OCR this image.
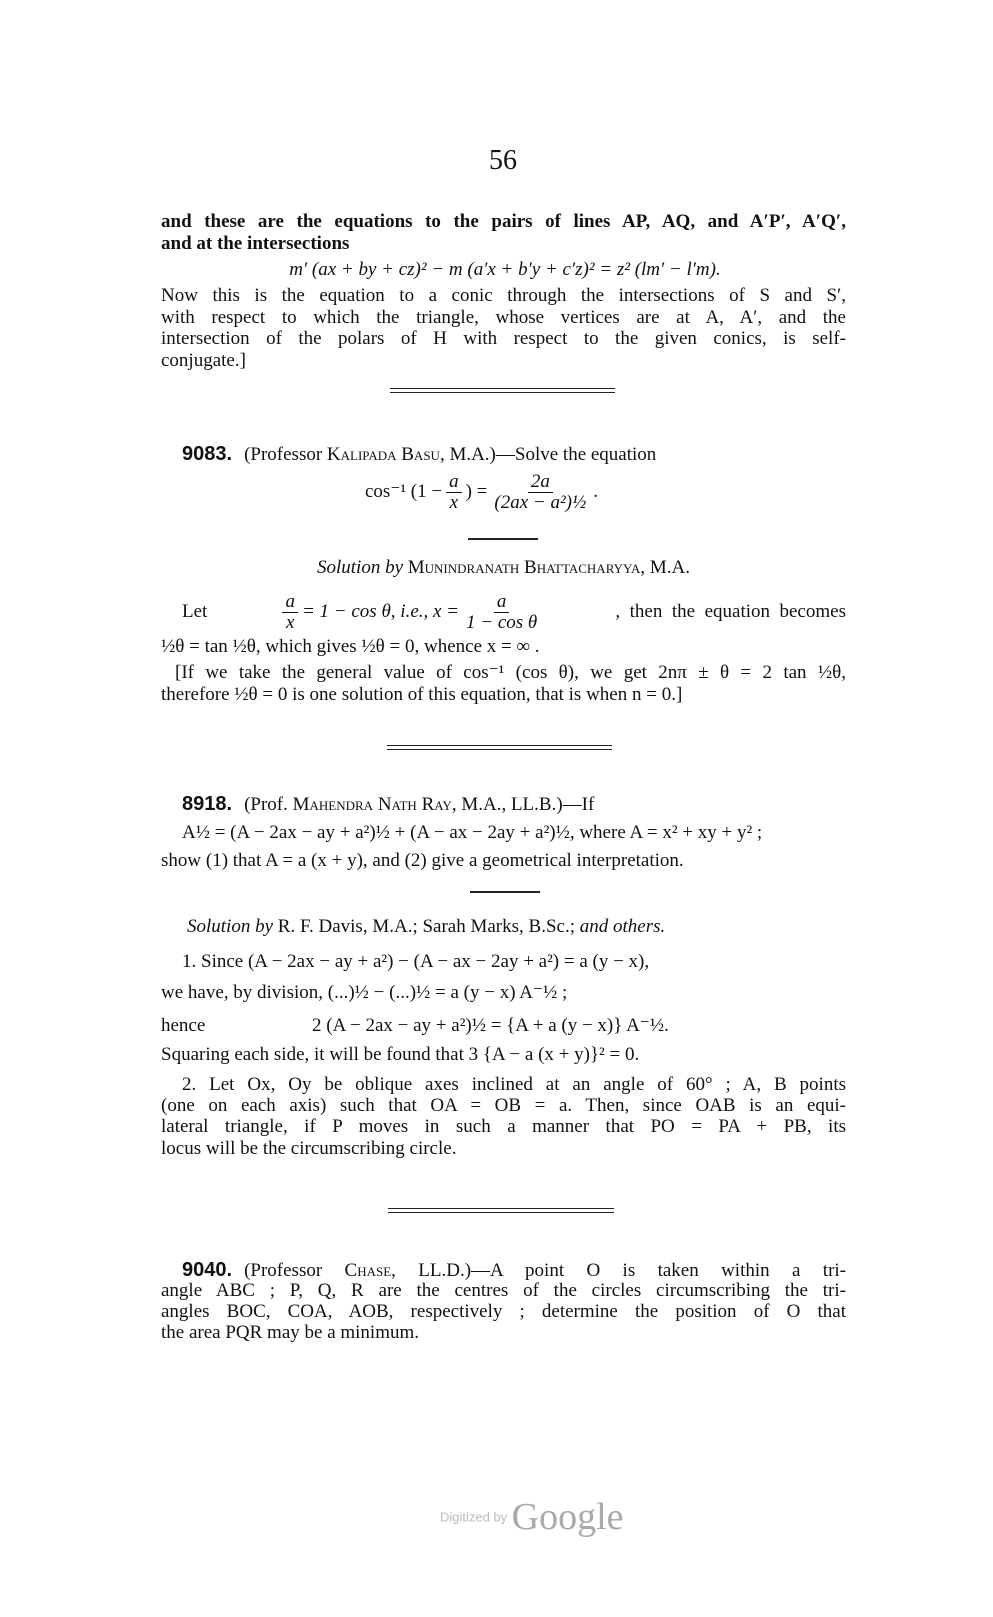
56
and these are the equations to the pairs of lines AP, AQ, and A′P′, A′Q′,
and at the intersections
m′ (ax + by + cz)² − m (a′x + b′y + c′z)² = z² (lm′ − l′m).
Now this is the equation to a conic through the intersections of S and S′,
with respect to which the triangle, whose vertices are at A, A′, and the
intersection of the polars of H with respect to the given conics, is self-
conjugate.]
9083. (Professor Kalipada Basu, M.A.)—Solve the equation
cos⁻¹ ($1 - \frac{a}{x}$ ) = $\frac{2a}{\text{(2ax − a²)½}}$ .
Solution by Munindranath Bhattacharyya, M.A.
Let	$\frac{a}{x} = 1 - \cos \theta$, i.e., $x = \frac{a}{\text{1 − cos θ}}$	,  then  the  equation  becomes
½θ = tan ½θ, which gives ½θ = 0, whence x = ∞ .
[If we take the general value of cos⁻¹ (cos θ), we get 2nπ ± θ = 2 tan ½θ,
therefore ½θ = 0 is one solution of this equation, that is when n = 0.]
8918. (Prof. Mahendra Nath Ray, M.A., LL.B.)—If
A½ = (A − 2ax − ay + a²)½ + (A − ax − 2ay + a²)½, where A = x² + xy + y² ;
show (1) that A = a (x + y), and (2) give a geometrical interpretation.
Solution by R. F. Davis, M.A.; Sarah Marks, B.Sc.; and others.
1. Since (A − 2ax − ay + a²) − (A − ax − 2ay + a²) = a (y − x),
we have, by division, (...)½ − (...)½ = a (y − x) A⁻½ ;
hence	2 (A − 2ax − ay + a²)½ = {A + a (y − x)} A⁻½.
Squaring each side, it will be found that 3 {A − a (x + y)}² = 0.
2. Let Ox, Oy be oblique axes inclined at an angle of 60° ; A, B points
(one on each axis) such that OA = OB = a. Then, since OAB is an equi-
lateral triangle, if P moves in such a manner that PO = PA + PB, its
locus will be the circumscribing circle.
9040. (Professor Chase, LL.D.)—A point O is taken within a tri-
angle ABC ; P, Q, R are the centres of the circles circumscribing the tri-
angles BOC, COA, AOB, respectively ; determine the position of O that
the area PQR may be a minimum.
Digitized by Google
